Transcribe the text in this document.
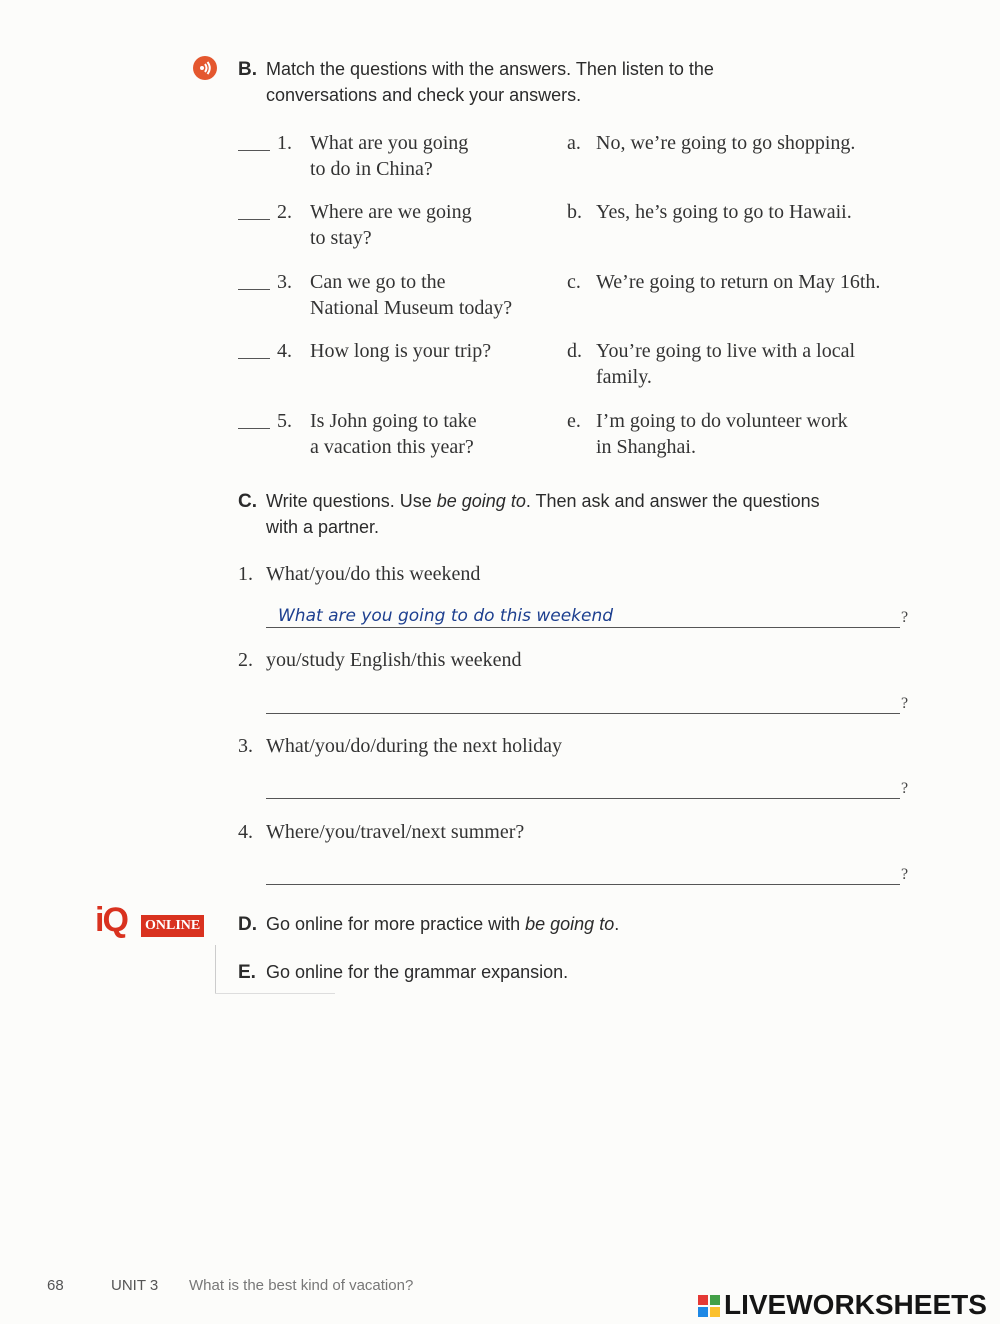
B. Match the questions with the answers. Then listen to the
conversations and check your answers.
1. What are you going
to do in China?
2. Where are we going
to stay?
3. Can we go to the
National Museum today?
4. How long is your trip?
5. Is John going to take
a vacation this year?
a. No, we’re going to go shopping.
b. Yes, he’s going to go to Hawaii.
c. We’re going to return on May 16th.
d. You’re going to live with a local
family.
e. I’m going to do volunteer work
in Shanghai.
C. Write questions. Use be going to. Then ask and answer the questions
with a partner.
1. What/you/do this weekend
What are you going to do this weekend	?
2. you/study English/this weekend
?
3. What/you/do/during the next holiday
?
4. Where/you/travel/next summer?
?
iQ ONLINE D. Go online for more practice with be going to.
E. Go online for the grammar expansion.
68	UNIT 3 What is the best kind of vacation?
LIVEWORKSHEETS
